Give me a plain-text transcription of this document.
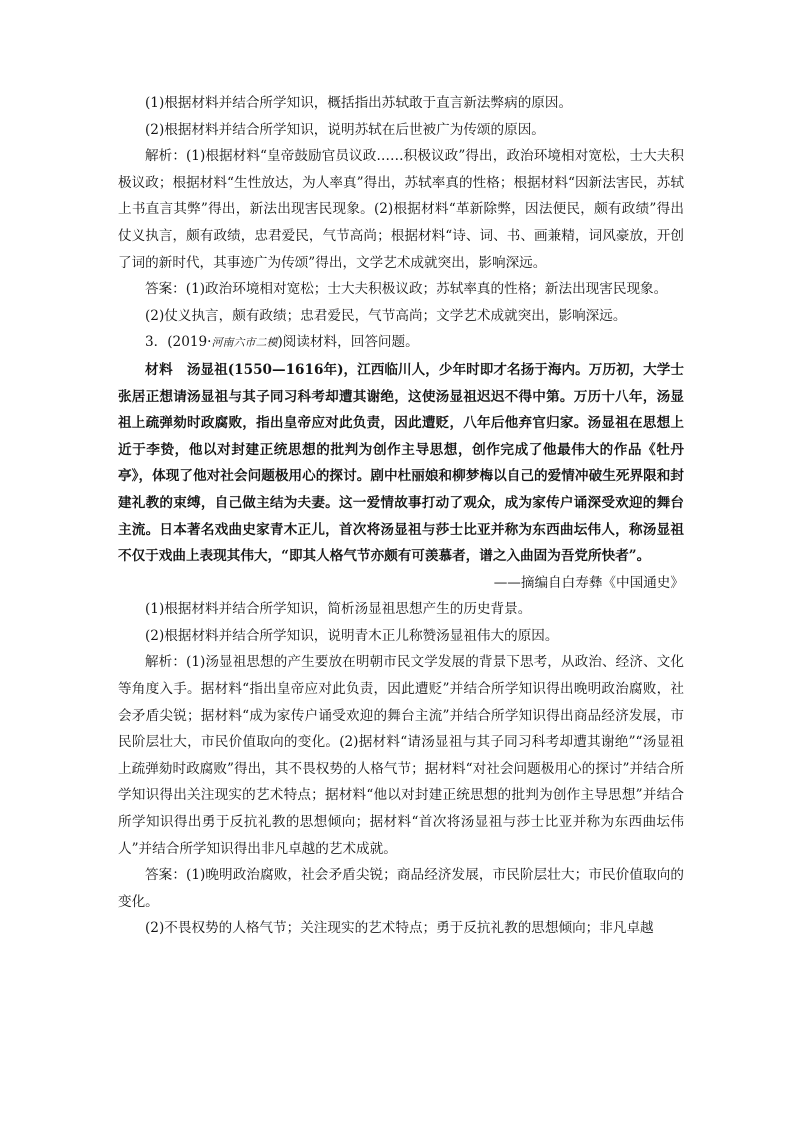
(1)根据材料并结合所学知识，概括指出苏轼敢于直言新法弊病的原因。

(2)根据材料并结合所学知识，说明苏轼在后世被广为传颂的原因。

解析：(1)根据材料“皇帝鼓励官员议政……积极议政”得出，政治环境相对宽松，士大夫积极议政；根据材料“生性放达，为人率真”得出，苏轼率真的性格；根据材料“因新法害民，苏轼上书直言其弊”得出，新法出现害民现象。(2)根据材料“革新除弊，因法便民，颇有政绩”得出仗义执言，颇有政绩，忠君爱民，气节高尚；根据材料“诗、词、书、画兼精，词风豪放，开创了词的新时代，其事迹广为传颂”得出，文学艺术成就突出，影响深远。

答案：(1)政治环境相对宽松；士大夫积极议政；苏轼率真的性格；新法出现害民现象。

(2)仗义执言，颇有政绩；忠君爱民，气节高尚；文学艺术成就突出，影响深远。

3．(2019·河南六市二模)阅读材料，回答问题。

材料　 汤显祖(1550—1616年)，江西临川人，少年时即才名扬于海内。万历初，大学士张居正想请汤显祖与其子同习科考却遭其谢绝，这使汤显祖迟迟不得中第。万历十八年，汤显祖上疏弹劾时政腐败，指出皇帝应对此负责，因此遭贬，八年后他弃官归家。汤显祖在思想上近于李贽，他以对封建正统思想的批判为创作主导思想，创作完成了他最伟大的作品《牡丹亭》，体现了他对社会问题极用心的探讨。剧中杜丽娘和柳梦梅以自己的爱情冲破生死界限和封建礼教的束缚，自己做主结为夫妻。这一爱情故事打动了观众，成为家传户诵深受欢迎的舞台主流。日本著名戏曲史家青木正儿，首次将汤显祖与莎士比亚并称为东西曲坛伟人，称汤显祖不仅于戏曲上表现其伟大，“即其人格气节亦颇有可羡慕者，谱之入曲固为吾党所快者”。

——摘编自白寿彝《中国通史》

(1)根据材料并结合所学知识，简析汤显祖思想产生的历史背景。

(2)根据材料并结合所学知识，说明青木正儿称赞汤显祖伟大的原因。

解析：(1)汤显祖思想的产生要放在明朝市民文学发展的背景下思考，从政治、经济、文化等角度入手。据材料“指出皇帝应对此负责，因此遭贬”并结合所学知识得出晚明政治腐败，社会矛盾尖锐；据材料“成为家传户诵受欢迎的舞台主流”并结合所学知识得出商品经济发展，市民阶层壮大，市民价值取向的变化。(2)据材料“请汤显祖与其子同习科考却遭其谢绝”“汤显祖上疏弹劾时政腐败”得出，其不畏权势的人格气节；据材料“对社会问题极用心的探讨”并结合所学知识得出关注现实的艺术特点；据材料“他以对封建正统思想的批判为创作主导思想”并结合所学知识得出勇于反抗礼教的思想倾向；据材料“首次将汤显祖与莎士比亚并称为东西曲坛伟人”并结合所学知识得出非凡卓越的艺术成就。

答案：(1)晚明政治腐败，社会矛盾尖锐；商品经济发展，市民阶层壮大；市民价值取向的变化。

(2)不畏权势的人格气节；关注现实的艺术特点；勇于反抗礼教的思想倾向；非凡卓越
